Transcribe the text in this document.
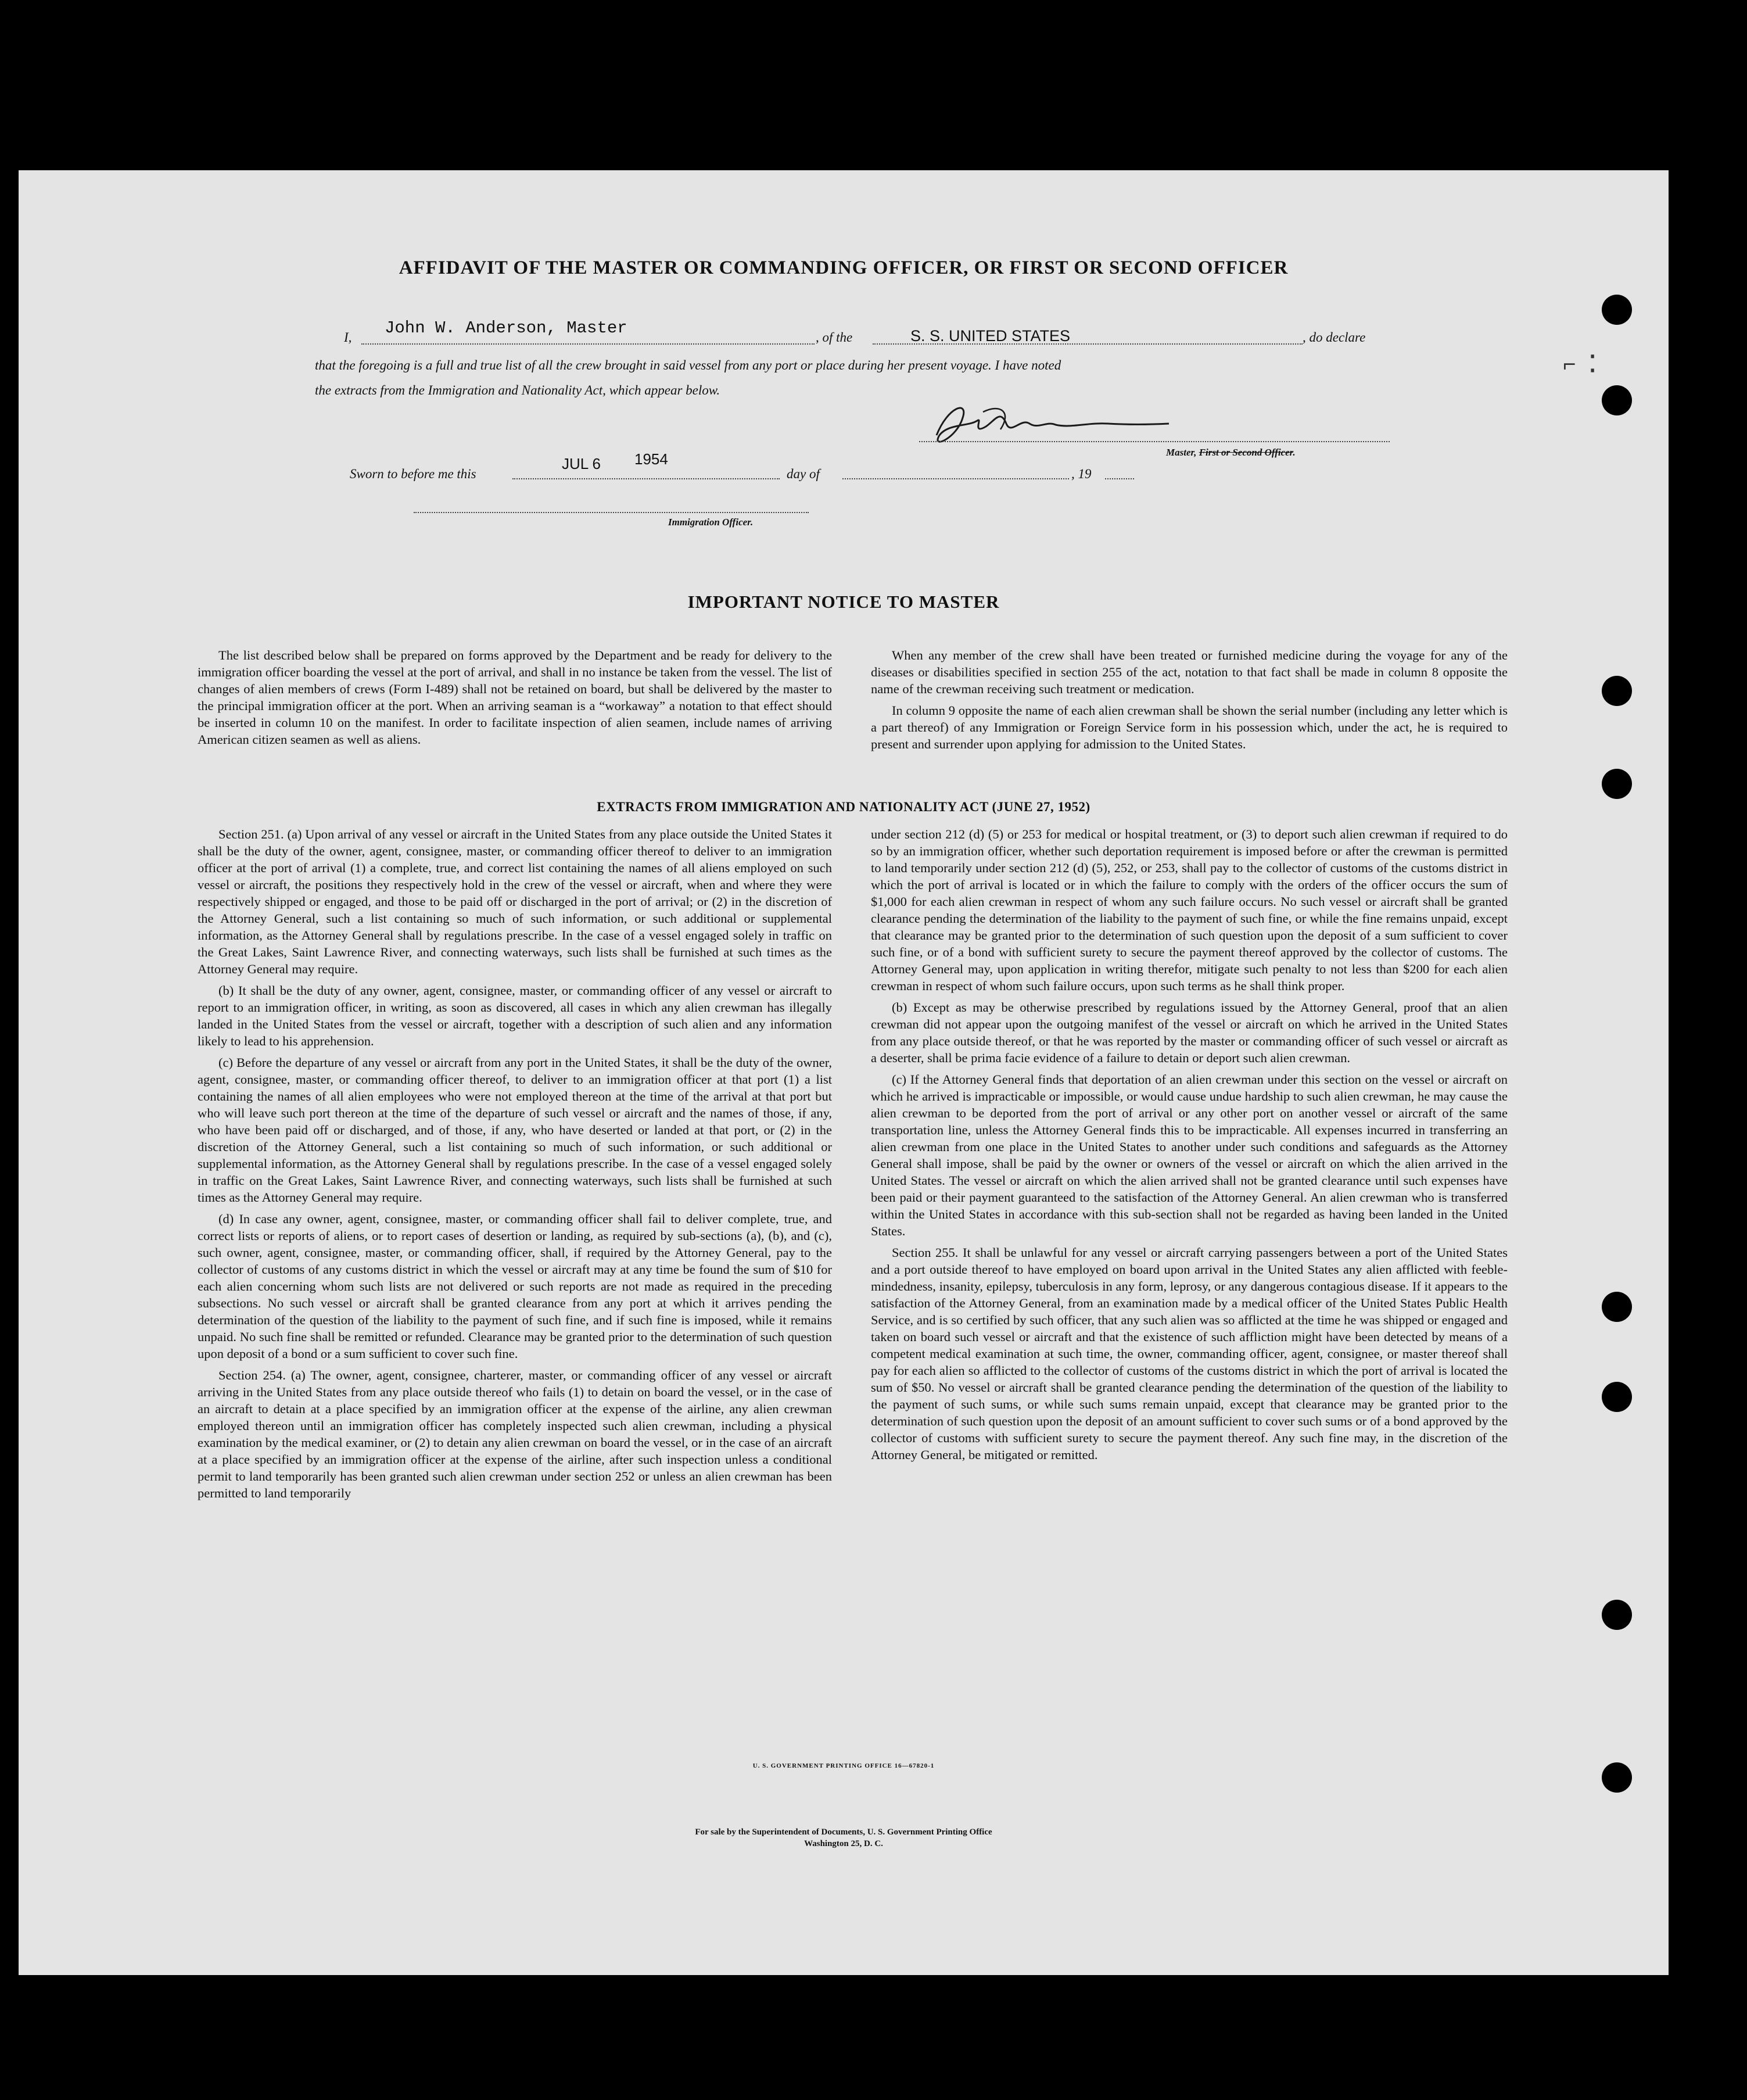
⌐ ⁚
AFFIDAVIT OF THE MASTER OR COMMANDING OFFICER, OR FIRST OR SECOND OFFICER
I, John W. Anderson, Master	, of the	S. S. UNITED STATES	, do declare
that the foregoing is a full and true list of all the crew brought in said vessel from any port or place during her present voyage. I have noted
the extracts from the Immigration and Nationality Act, which appear below.
Master, First or Second Officer.
Sworn to before me this
JUL 6 1954
day of	, 19
Immigration Officer.
IMPORTANT NOTICE TO MASTER

The list described below shall be prepared on forms approved by the Department and be ready for delivery to the immigration officer boarding the vessel at the port of arrival, and shall in no instance be taken from the vessel. The list of changes of alien members of crews (Form I-489) shall not be retained on board, but shall be delivered by the master to the principal immigration officer at the port. When an arriving seaman is a “workaway” a notation to that effect should be inserted in column 10 on the manifest. In order to facilitate inspection of alien seamen, include names of arriving American citizen seamen as well as aliens.

When any member of the crew shall have been treated or furnished medicine during the voyage for any of the diseases or disabilities specified in section 255 of the act, notation to that fact shall be made in column 8 opposite the name of the crewman receiving such treatment or medication.

In column 9 opposite the name of each alien crewman shall be shown the serial number (including any letter which is a part thereof) of any Immigration or Foreign Service form in his possession which, under the act, he is required to present and surrender upon applying for admission to the United States.

EXTRACTS FROM IMMIGRATION AND NATIONALITY ACT (JUNE 27, 1952)

Section 251. (a) Upon arrival of any vessel or aircraft in the United States from any place outside the United States it shall be the duty of the owner, agent, consignee, master, or commanding officer thereof to deliver to an immigration officer at the port of arrival (1) a complete, true, and correct list containing the names of all aliens employed on such vessel or aircraft, the positions they respectively hold in the crew of the vessel or aircraft, when and where they were respectively shipped or engaged, and those to be paid off or discharged in the port of arrival; or (2) in the discretion of the Attorney General, such a list containing so much of such information, or such additional or supplemental information, as the Attorney General shall by regulations prescribe. In the case of a vessel engaged solely in traffic on the Great Lakes, Saint Lawrence River, and connecting waterways, such lists shall be furnished at such times as the Attorney General may require.

(b) It shall be the duty of any owner, agent, consignee, master, or commanding officer of any vessel or aircraft to report to an immigration officer, in writing, as soon as discovered, all cases in which any alien crewman has illegally landed in the United States from the vessel or aircraft, together with a description of such alien and any information likely to lead to his apprehension.

(c) Before the departure of any vessel or aircraft from any port in the United States, it shall be the duty of the owner, agent, consignee, master, or commanding officer thereof, to deliver to an immigration officer at that port (1) a list containing the names of all alien employees who were not employed thereon at the time of the arrival at that port but who will leave such port thereon at the time of the departure of such vessel or aircraft and the names of those, if any, who have been paid off or discharged, and of those, if any, who have deserted or landed at that port, or (2) in the discretion of the Attorney General, such a list containing so much of such information, or such additional or supplemental information, as the Attorney General shall by regulations prescribe. In the case of a vessel engaged solely in traffic on the Great Lakes, Saint Lawrence River, and connecting waterways, such lists shall be furnished at such times as the Attorney General may require.

(d) In case any owner, agent, consignee, master, or commanding officer shall fail to deliver complete, true, and correct lists or reports of aliens, or to report cases of desertion or landing, as required by sub-sections (a), (b), and (c), such owner, agent, consignee, master, or commanding officer, shall, if required by the Attorney General, pay to the collector of customs of any customs district in which the vessel or aircraft may at any time be found the sum of $10 for each alien concerning whom such lists are not delivered or such reports are not made as required in the preceding subsections. No such vessel or aircraft shall be granted clearance from any port at which it arrives pending the determination of the question of the liability to the payment of such fine, and if such fine is imposed, while it remains unpaid. No such fine shall be remitted or refunded. Clearance may be granted prior to the determination of such question upon deposit of a bond or a sum sufficient to cover such fine.

Section 254. (a) The owner, agent, consignee, charterer, master, or commanding officer of any vessel or aircraft arriving in the United States from any place outside thereof who fails (1) to detain on board the vessel, or in the case of an aircraft to detain at a place specified by an immigration officer at the expense of the airline, any alien crewman employed thereon until an immigration officer has completely inspected such alien crewman, including a physical examination by the medical examiner, or (2) to detain any alien crewman on board the vessel, or in the case of an aircraft at a place specified by an immigration officer at the expense of the airline, after such inspection unless a conditional permit to land temporarily has been granted such alien crewman under section 252 or unless an alien crewman has been permitted to land temporarily

under section 212 (d) (5) or 253 for medical or hospital treatment, or (3) to deport such alien crewman if required to do so by an immigration officer, whether such deportation requirement is imposed before or after the crewman is permitted to land temporarily under section 212 (d) (5), 252, or 253, shall pay to the collector of customs of the customs district in which the port of arrival is located or in which the failure to comply with the orders of the officer occurs the sum of $1,000 for each alien crewman in respect of whom any such failure occurs. No such vessel or aircraft shall be granted clearance pending the determination of the liability to the payment of such fine, or while the fine remains unpaid, except that clearance may be granted prior to the determination of such question upon the deposit of a sum sufficient to cover such fine, or of a bond with sufficient surety to secure the payment thereof approved by the collector of customs. The Attorney General may, upon application in writing therefor, mitigate such penalty to not less than $200 for each alien crewman in respect of whom such failure occurs, upon such terms as he shall think proper.

(b) Except as may be otherwise prescribed by regulations issued by the Attorney General, proof that an alien crewman did not appear upon the outgoing manifest of the vessel or aircraft on which he arrived in the United States from any place outside thereof, or that he was reported by the master or commanding officer of such vessel or aircraft as a deserter, shall be prima facie evidence of a failure to detain or deport such alien crewman.

(c) If the Attorney General finds that deportation of an alien crewman under this section on the vessel or aircraft on which he arrived is impracticable or impossible, or would cause undue hardship to such alien crewman, he may cause the alien crewman to be deported from the port of arrival or any other port on another vessel or aircraft of the same transportation line, unless the Attorney General finds this to be impracticable. All expenses incurred in transferring an alien crewman from one place in the United States to another under such conditions and safeguards as the Attorney General shall impose, shall be paid by the owner or owners of the vessel or aircraft on which the alien arrived in the United States. The vessel or aircraft on which the alien arrived shall not be granted clearance until such expenses have been paid or their payment guaranteed to the satisfaction of the Attorney General. An alien crewman who is transferred within the United States in accordance with this sub-section shall not be regarded as having been landed in the United States.

Section 255. It shall be unlawful for any vessel or aircraft carrying passengers between a port of the United States and a port outside thereof to have employed on board upon arrival in the United States any alien afflicted with feeble-mindedness, insanity, epilepsy, tuberculosis in any form, leprosy, or any dangerous contagious disease. If it appears to the satisfaction of the Attorney General, from an examination made by a medical officer of the United States Public Health Service, and is so certified by such officer, that any such alien was so afflicted at the time he was shipped or engaged and taken on board such vessel or aircraft and that the existence of such affliction might have been detected by means of a competent medical examination at such time, the owner, commanding officer, agent, consignee, or master thereof shall pay for each alien so afflicted to the collector of customs of the customs district in which the port of arrival is located the sum of $50. No vessel or aircraft shall be granted clearance pending the determination of the question of the liability to the payment of such sums, or while such sums remain unpaid, except that clearance may be granted prior to the determination of such question upon the deposit of an amount sufficient to cover such sums or of a bond approved by the collector of customs with sufficient surety to secure the payment thereof. Any such fine may, in the discretion of the Attorney General, be mitigated or remitted.

U. S. GOVERNMENT PRINTING OFFICE 16—67820-1
For sale by the Superintendent of Documents, U. S. Government Printing Office
Washington 25, D. C.
